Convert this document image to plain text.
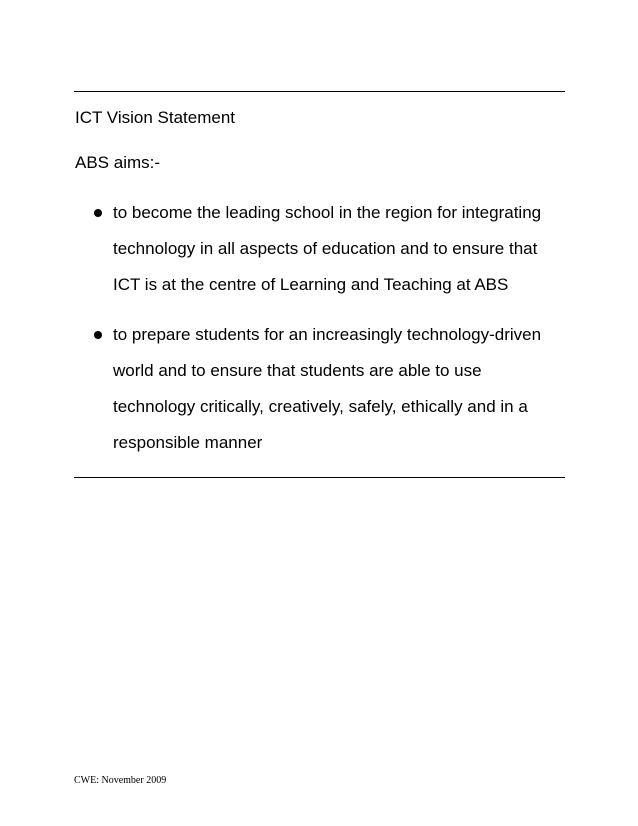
ICT Vision Statement
ABS aims:-
to become the leading school in the region for integrating
technology in all aspects of education and to ensure that
ICT is at the centre of Learning and Teaching at ABS
to prepare students for an increasingly technology-driven
world and to ensure that students are able to use
technology critically, creatively, safely, ethically and in a
responsible manner
CWE: November 2009
